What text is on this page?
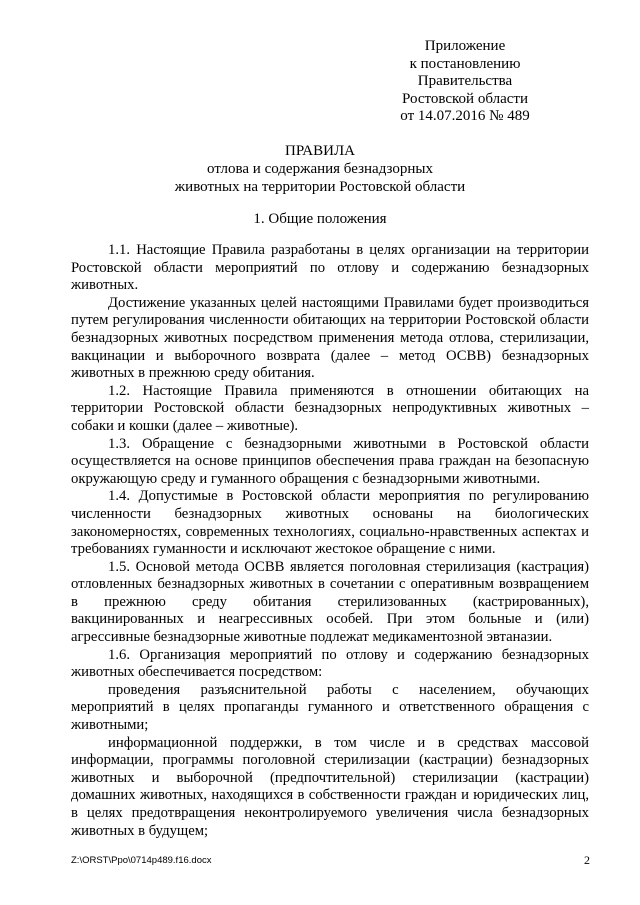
Приложение
к постановлению
Правительства
Ростовской области
от 14.07.2016 № 489
ПРАВИЛА
отлова и содержания безнадзорных
животных на территории Ростовской области
1. Общие положения

1.1. Настоящие Правила разработаны в целях организации на территории Ростовской области мероприятий по отлову и содержанию безнадзорных животных.

Достижение указанных целей настоящими Правилами будет производиться путем регулирования численности обитающих на территории Ростовской области безнадзорных животных посредством применения метода отлова, стерилизации, вакцинации и выборочного возврата (далее – метод ОСВВ) безнадзорных животных в прежнюю среду обитания.

1.2. Настоящие Правила применяются в отношении обитающих на территории Ростовской области безнадзорных непродуктивных животных – собаки и кошки (далее – животные).

1.3. Обращение с безнадзорными животными в Ростовской области осуществляется на основе принципов обеспечения права граждан на безопасную окружающую среду и гуманного обращения с безнадзорными животными.

1.4. Допустимые в Ростовской области мероприятия по регулированию численности безнадзорных животных основаны на биологических закономерностях, современных технологиях, социально-нравственных аспектах и требованиях гуманности и исключают жестокое обращение с ними.

1.5. Основой метода ОСВВ является поголовная стерилизация (кастрация) отловленных безнадзорных животных в сочетании с оперативным возвращением в прежнюю среду обитания стерилизованных (кастрированных), вакцинированных и неагрессивных особей. При этом больные и (или) агрессивные безнадзорные животные подлежат медикаментозной эвтаназии.

1.6. Организация мероприятий по отлову и содержанию безнадзорных животных обеспечивается посредством:

проведения разъяснительной работы с населением, обучающих мероприятий в целях пропаганды гуманного и ответственного обращения с животными;

информационной поддержки, в том числе и в средствах массовой информации, программы поголовной стерилизации (кастрации) безнадзорных животных и выборочной (предпочтительной) стерилизации (кастрации) домашних животных, находящихся в собственности граждан и юридических лиц, в целях предотвращения неконтролируемого увеличения числа безнадзорных животных в будущем;

Z:\ORST\Ppo\0714p489.f16.docx	2
